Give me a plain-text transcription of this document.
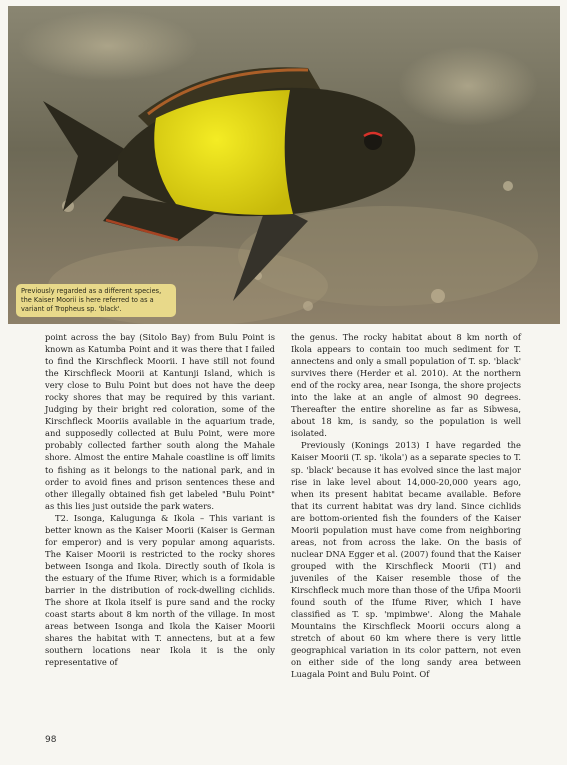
Previously regarded as a different species, the Kaiser Moorii is here referred to as a variant of Tropheus sp. 'black'.

point across the bay (Sitolo Bay) from Bulu Point is known as Katumba Point and it was there that I failed to find the Kirschfleck Moorii. I have still not found the Kirschfleck Moorii at Kantunji Island, which is very close to Bulu Point but does not have the deep rocky shores that may be required by this variant. Judging by their bright red coloration, some of the Kirschfleck Mooriis available in the aquarium trade, and supposedly collected at Bulu Point, were more probably collected farther south along the Mahale shore. Almost the entire Mahale coastline is off limits to fishing as it belongs to the national park, and in order to avoid fines and prison sentences these and other illegally obtained fish get labeled "Bulu Point" as this lies just outside the park waters.

T2. Isonga, Kalugunga & Ikola – This variant is better known as the Kaiser Moorii (Kaiser is German for emperor) and is very popular among aquarists. The Kaiser Moorii is restricted to the rocky shores between Isonga and Ikola. Directly south of Ikola is the estuary of the Ifume River, which is a formidable barrier in the distribution of rock-dwelling cichlids. The shore at Ikola itself is pure sand and the rocky coast starts about 8 km north of the village. In most areas between Isonga and Ikola the Kaiser Moorii shares the habitat with T. annectens, but at a few southern locations near Ikola it is the only representative of

the genus. The rocky habitat about 8 km north of Ikola appears to contain too much sediment for T. annectens and only a small population of T. sp. 'black' survives there (Herder et al. 2010). At the northern end of the rocky area, near Isonga, the shore projects into the lake at an angle of almost 90 degrees. Thereafter the entire shoreline as far as Sibwesa, about 18 km, is sandy, so the population is well isolated.

Previously (Konings 2013) I have regarded the Kaiser Moorii (T. sp. 'ikola') as a separate species to T. sp. 'black' because it has evolved since the last major rise in lake level about 14,000-20,000 years ago, when its present habitat became available. Before that its current habitat was dry land. Since cichlids are bottom-oriented fish the founders of the Kaiser Moorii population must have come from neighboring areas, not from across the lake. On the basis of nuclear DNA Egger et al. (2007) found that the Kaiser grouped with the Kirschfleck Moorii (T1) and juveniles of the Kaiser resemble those of the Kirschfleck much more than those of the Ufipa Moorii found south of the Ifume River, which I have classified as T. sp. 'mpimbwe'. Along the Mahale Mountains the Kirschfleck Moorii occurs along a stretch of about 60 km where there is very little geographical variation in its color pattern, not even on either side of the long sandy area between Luagala Point and Bulu Point. Of

98
